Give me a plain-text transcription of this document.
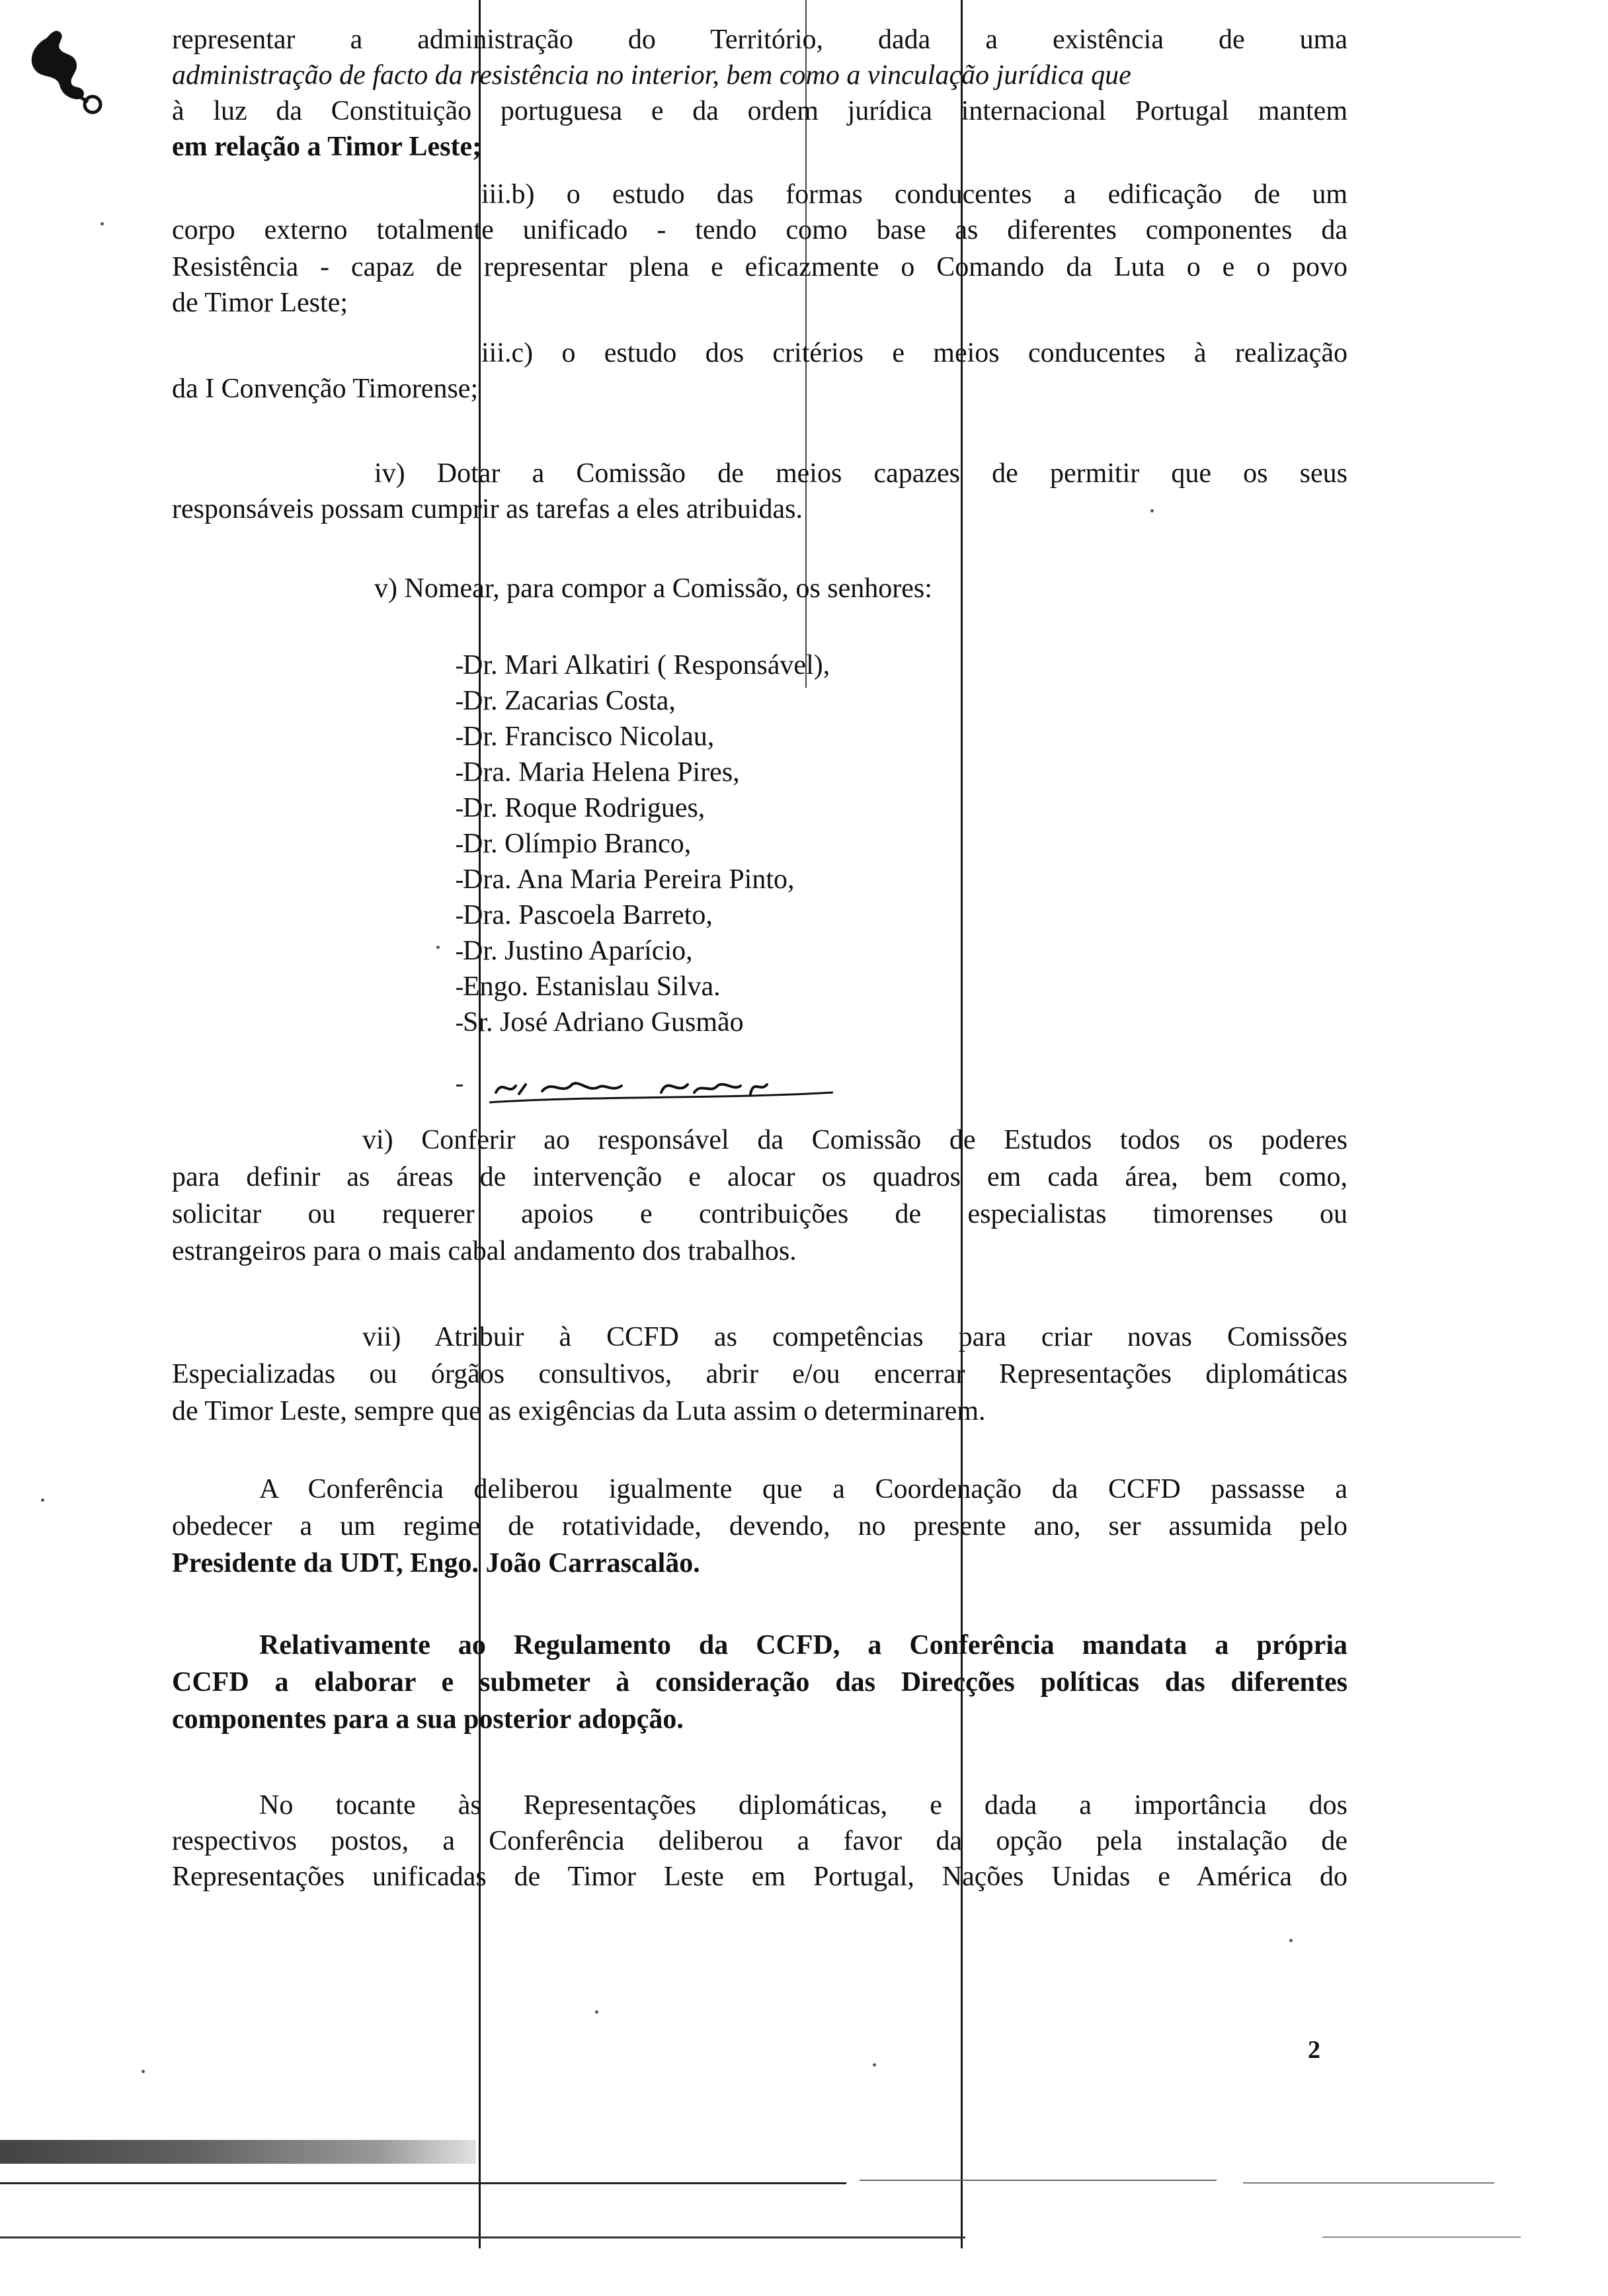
representar a administração do Território, dada a existência de uma
administração de facto da resistência no interior, bem como a vinculação jurídica que
à luz da Constituição portuguesa e da ordem jurídica internacional Portugal mantem
em relação a Timor Leste;
iii.b) o estudo das formas conducentes a edificação de um
corpo externo totalmente unificado - tendo como base as diferentes componentes da
Resistência - capaz de representar plena e eficazmente o Comando da Luta o e o povo
de Timor Leste;
iii.c) o estudo dos critérios e meios conducentes à realização
da I Convenção Timorense;
iv) Dotar a Comissão de meios capazes de permitir que os seus
responsáveis possam cumprir as tarefas a eles atribuidas.
v) Nomear, para compor a Comissão, os senhores:
Dr. Mari Alkatiri ( Responsável),
Dr. Zacarias Costa,
Dr. Francisco Nicolau,
Dra. Maria Helena Pires,
Dr. Roque Rodrigues,
Dr. Olímpio Branco,
Dra. Ana Maria Pereira Pinto,
Dra. Pascoela Barreto,
Dr. Justino Aparício,
Engo. Estanislau Silva.
Sr. José Adriano Gusmão
vi) Conferir ao responsável da Comissão de Estudos todos os poderes
para definir as áreas de intervenção e alocar os quadros em cada área, bem como,
solicitar ou requerer apoios e contribuições de especialistas timorenses ou
estrangeiros para o mais cabal andamento dos trabalhos.
vii) Atribuir à CCFD as competências para criar novas Comissões
Especializadas ou órgãos consultivos, abrir e/ou encerrar Representações diplomáticas
de Timor Leste, sempre que as exigências da Luta assim o determinarem.
A Conferência deliberou igualmente que a Coordenação da CCFD passasse a
obedecer a um regime de rotatividade, devendo, no presente ano, ser assumida pelo
Presidente da UDT, Engo. João Carrascalão.
Relativamente ao Regulamento da CCFD, a Conferência mandata a própria
CCFD a elaborar e submeter à consideração das Direcções políticas das diferentes
componentes para a sua posterior adopção.
No tocante às Representações diplomáticas, e dada a importância dos
respectivos postos, a Conferência deliberou a favor da opção pela instalação de
Representações unificadas de Timor Leste em Portugal, Nações Unidas e América do
2
